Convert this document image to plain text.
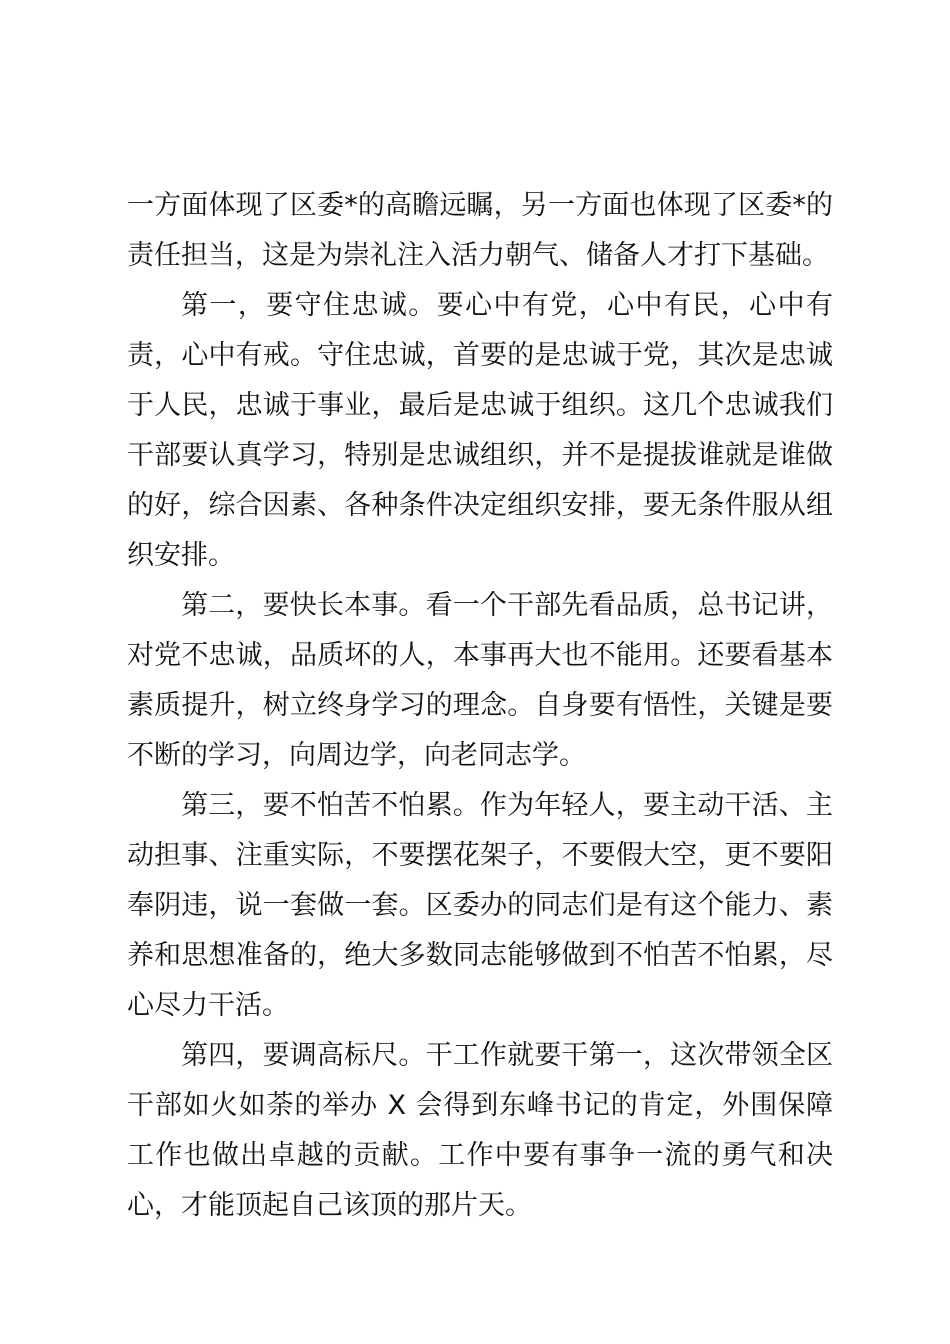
一方面体现了区委*的高瞻远瞩，另一方面也体现了区委*的责任担当，这是为崇礼注入活力朝气、储备人才打下基础。

第一，要守住忠诚。要心中有党，心中有民，心中有责，心中有戒。守住忠诚，首要的是忠诚于党，其次是忠诚于人民，忠诚于事业，最后是忠诚于组织。这几个忠诚我们干部要认真学习，特别是忠诚组织，并不是提拔谁就是谁做的好，综合因素、各种条件决定组织安排，要无条件服从组织安排。

第二，要快长本事。看一个干部先看品质，总书记讲，对党不忠诚，品质坏的人，本事再大也不能用。还要看基本素质提升，树立终身学习的理念。自身要有悟性，关键是要不断的学习，向周边学，向老同志学。

第三，要不怕苦不怕累。作为年轻人，要主动干活、主动担事、注重实际，不要摆花架子，不要假大空，更不要阳奉阴违，说一套做一套。区委办的同志们是有这个能力、素养和思想准备的，绝大多数同志能够做到不怕苦不怕累，尽心尽力干活。

第四，要调高标尺。干工作就要干第一，这次带领全区干部如火如荼的举办 X 会得到东峰书记的肯定，外围保障工作也做出卓越的贡献。工作中要有事争一流的勇气和决心，才能顶起自己该顶的那片天。
